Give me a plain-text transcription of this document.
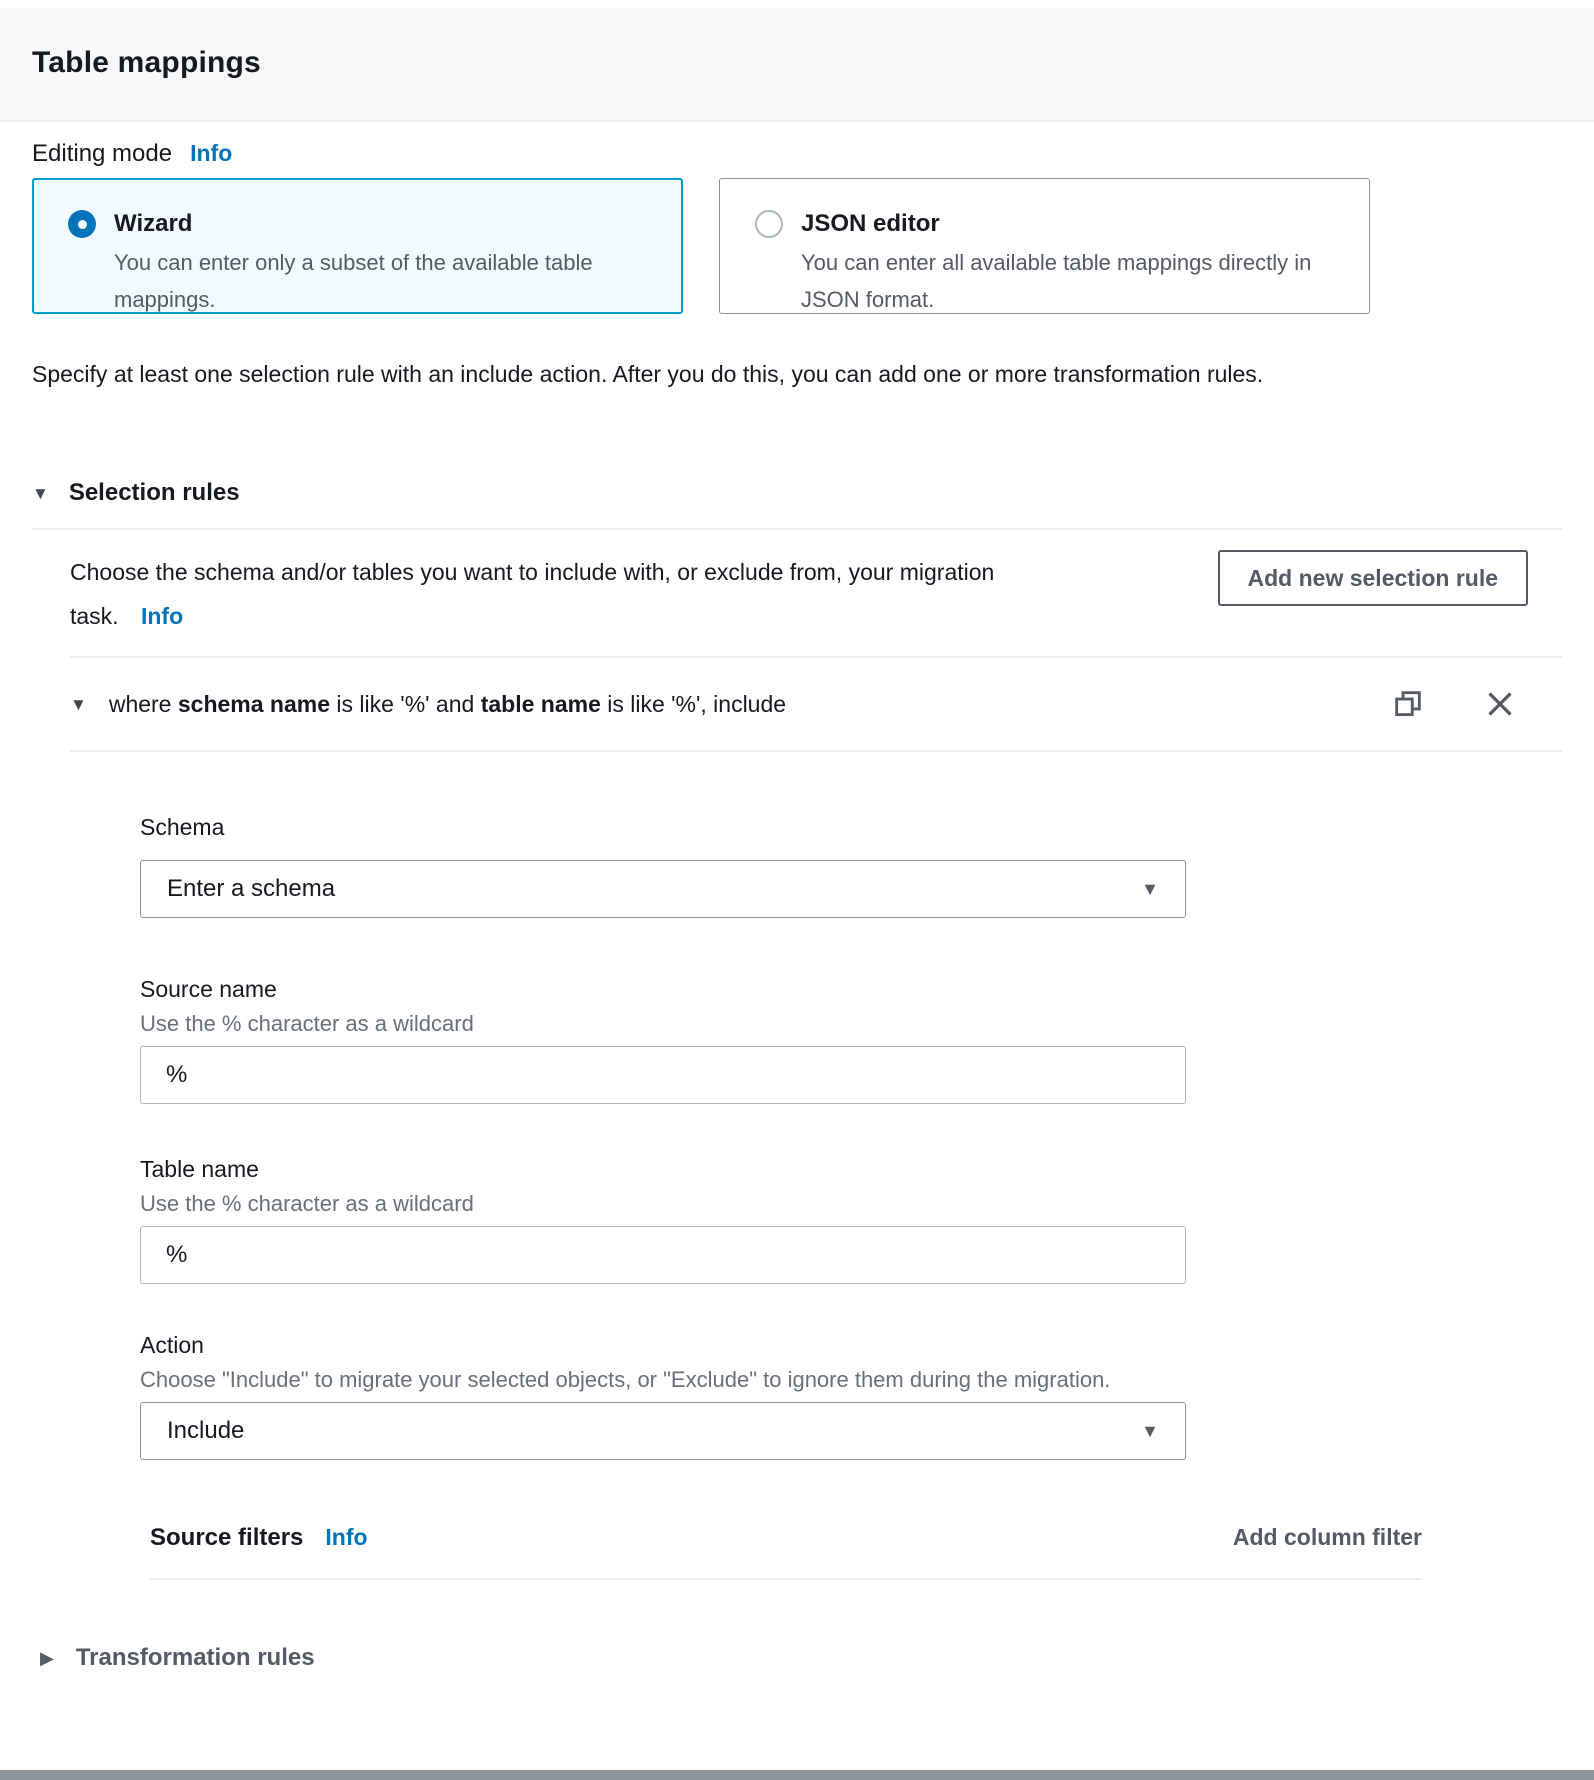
Table mappings
Editing mode Info
Wizard
You can enter only a subset of the available table mappings.
JSON editor
You can enter all available table mappings directly in JSON format.

Specify at least one selection rule with an include action. After you do this, you can add one or more transformation rules.

▼ Selection rules
Choose the schema and/or tables you want to include with, or exclude from, your migration task. Info
Add new selection rule
▼ where schema name is like '%' and table name is like '%', include
Schema
Enter a schema	▼
Source name
Use the % character as a wildcard
%
Table name
Use the % character as a wildcard
%
Action
Choose "Include" to migrate your selected objects, or "Exclude" to ignore them during the migration.
Include	▼
Source filters Info	Add column filter
▶ Transformation rules
